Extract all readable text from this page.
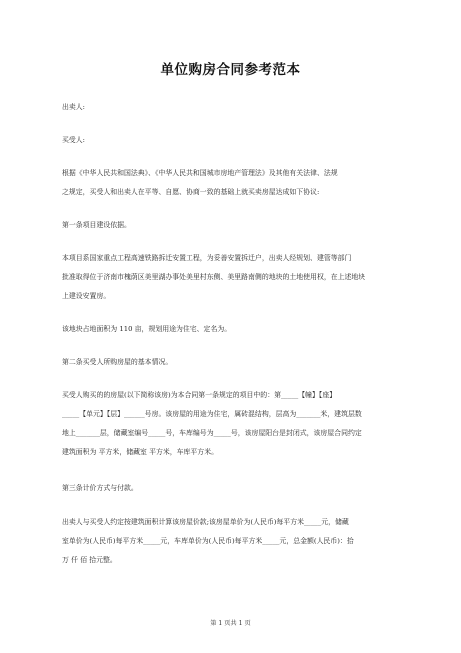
单位购房合同参考范本
出卖人:
买受人:
根据《中华人民共和国法典》、《中华人民共和国城市房地产管理法》及其他有关法律、法规
之规定，买受人和出卖人在平等、自愿、协商一致的基础上就买卖房屋达成如下协议:
第一条项目建设依据。
本项目系国家重点工程高速铁路拆迁安置工程，为妥善安置拆迁户，出卖人经规划、建管等部门
批准取得位于济南市槐荫区美里湖办事处美里村东侧、美里路南侧的地块的土地使用权，在上述地块
上建设安置房。
该地块占地面积为 110 亩，规划用途为住宅、定名为。
第二条买受人所购房屋的基本情况。
买受人购买的的房屋(以下简称该房)为本合同第一条规定的项目中的：第_____【幢】【座】
_____【单元】【层】______号房。该房屋的用途为住宅，属砖混结构，层高为_______米，建筑层数
地上_______层，储藏室编号_____号，车库编号为_____号，该房屋阳台是封闭式，该房屋合同约定
建筑面积为 平方米，储藏室 平方米，车库平方米。
第三条计价方式与付款。
出卖人与买受人约定按建筑面积计算该房屋价款;该房屋单价为(人民币)每平方米_____元，储藏
室单价为(人民币)每平方米_____元，车库单价为(人民币)每平方米_____元，总金额(人民币)：拾
万 仟 佰 拾元整。
第 1 页共 1 页
